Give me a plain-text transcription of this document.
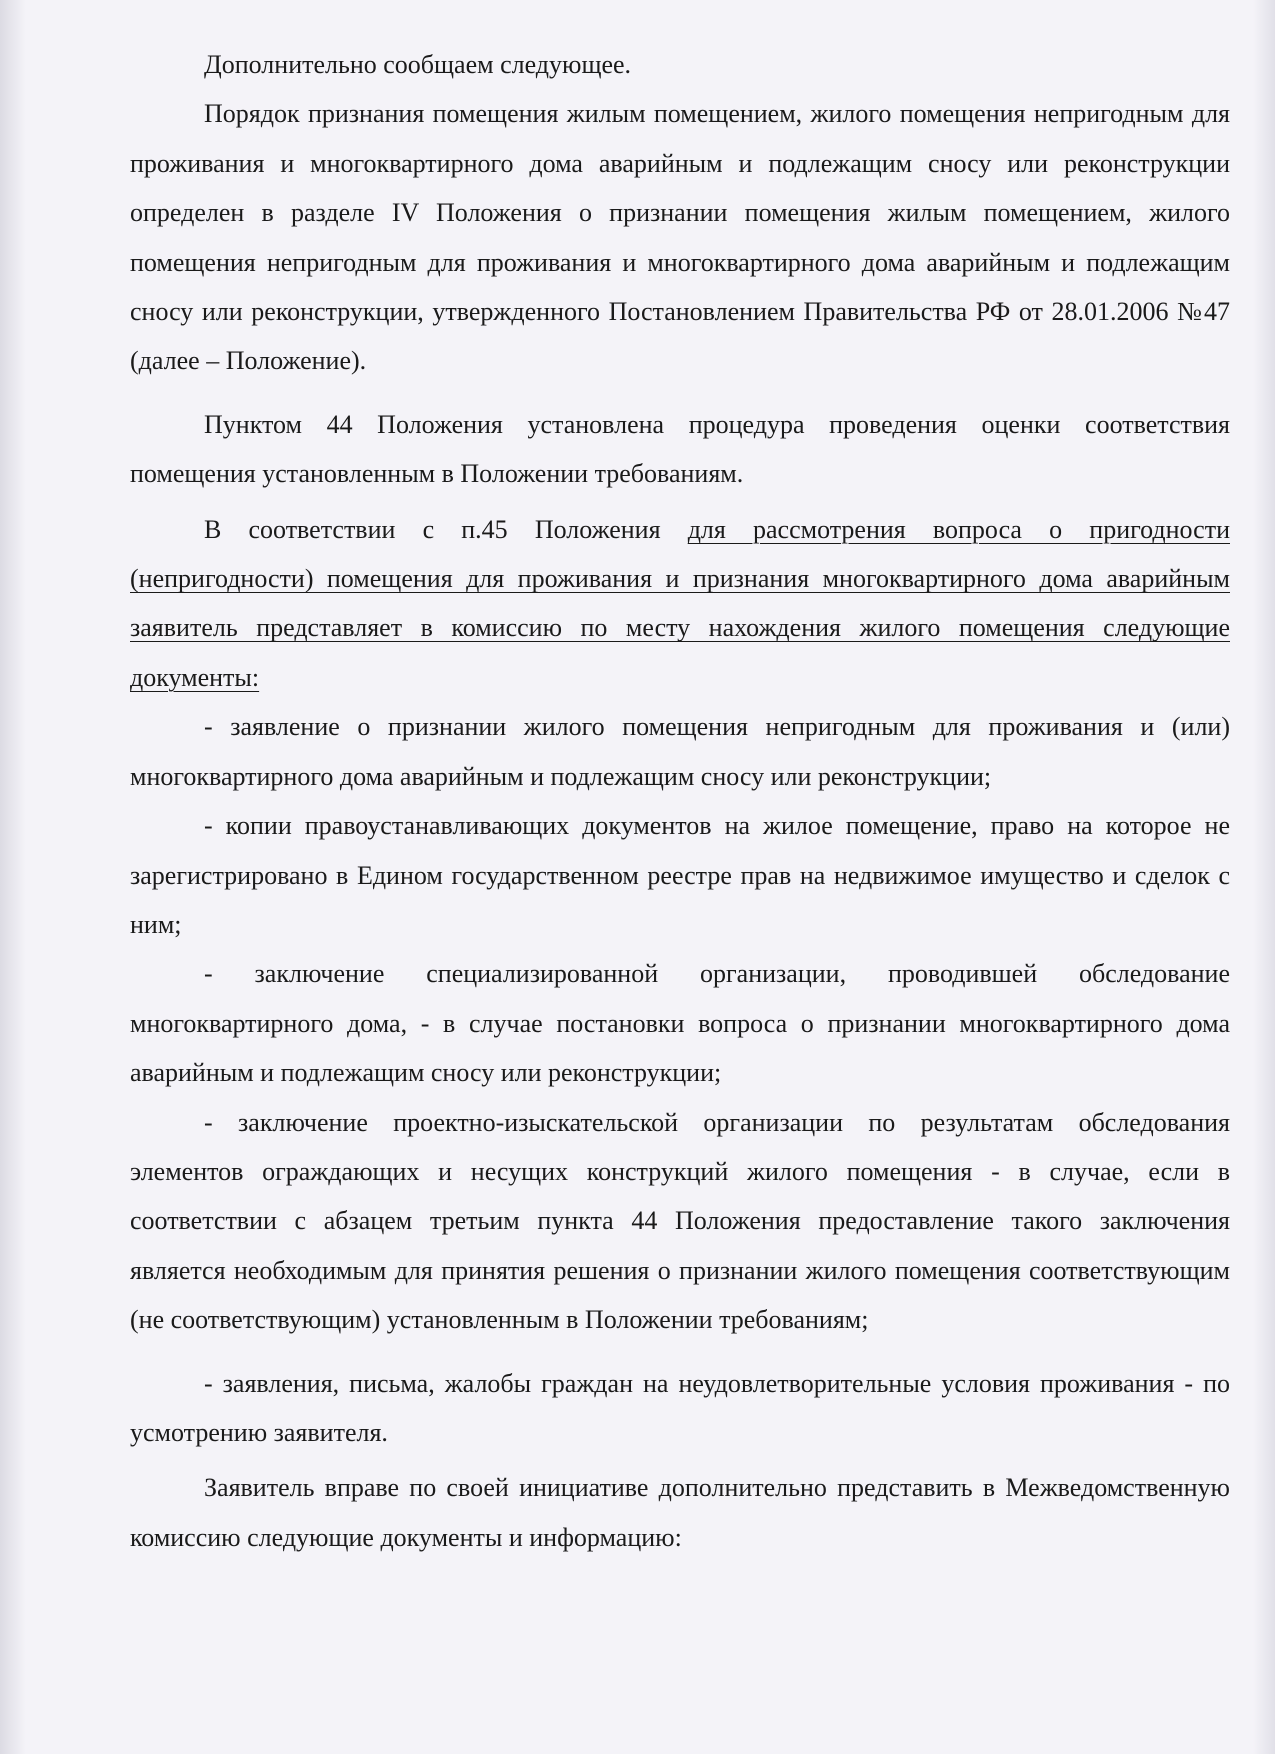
Дополнительно сообщаем следующее.

Порядок признания помещения жилым помещением, жилого помещения непригодным для проживания и многоквартирного дома аварийным и подлежащим сносу или реконструкции определен в разделе IV Положения о признании помещения жилым помещением, жилого помещения непригодным для проживания и многоквартирного дома аварийным и подлежащим сносу или реконструкции, утвержденного Постановлением Правительства РФ от 28.01.2006 №47 (далее – Положение).

Пунктом 44 Положения установлена процедура проведения оценки соответствия помещения установленным в Положении требованиям.

В соответствии с п.45 Положения для рассмотрения вопроса о пригодности (непригодности) помещения для проживания и признания многоквартирного дома аварийным заявитель представляет в комиссию по месту нахождения жилого помещения следующие документы:

- заявление о признании жилого помещения непригодным для проживания и (или) многоквартирного дома аварийным и подлежащим сносу или реконструкции;

- копии правоустанавливающих документов на жилое помещение, право на которое не зарегистрировано в Едином государственном реестре прав на недвижимое имущество и сделок с ним;

- заключение специализированной организации, проводившей обследование многоквартирного дома, - в случае постановки вопроса о признании многоквартирного дома аварийным и подлежащим сносу или реконструкции;

- заключение проектно-изыскательской организации по результатам обследования элементов ограждающих и несущих конструкций жилого помещения - в случае, если в соответствии с абзацем третьим пункта 44 Положения предоставление такого заключения является необходимым для принятия решения о признании жилого помещения соответствующим (не соответствующим) установленным в Положении требованиям;

- заявления, письма, жалобы граждан на неудовлетворительные условия проживания - по усмотрению заявителя.

Заявитель вправе по своей инициативе дополнительно представить в Межведомственную комиссию следующие документы и информацию:
